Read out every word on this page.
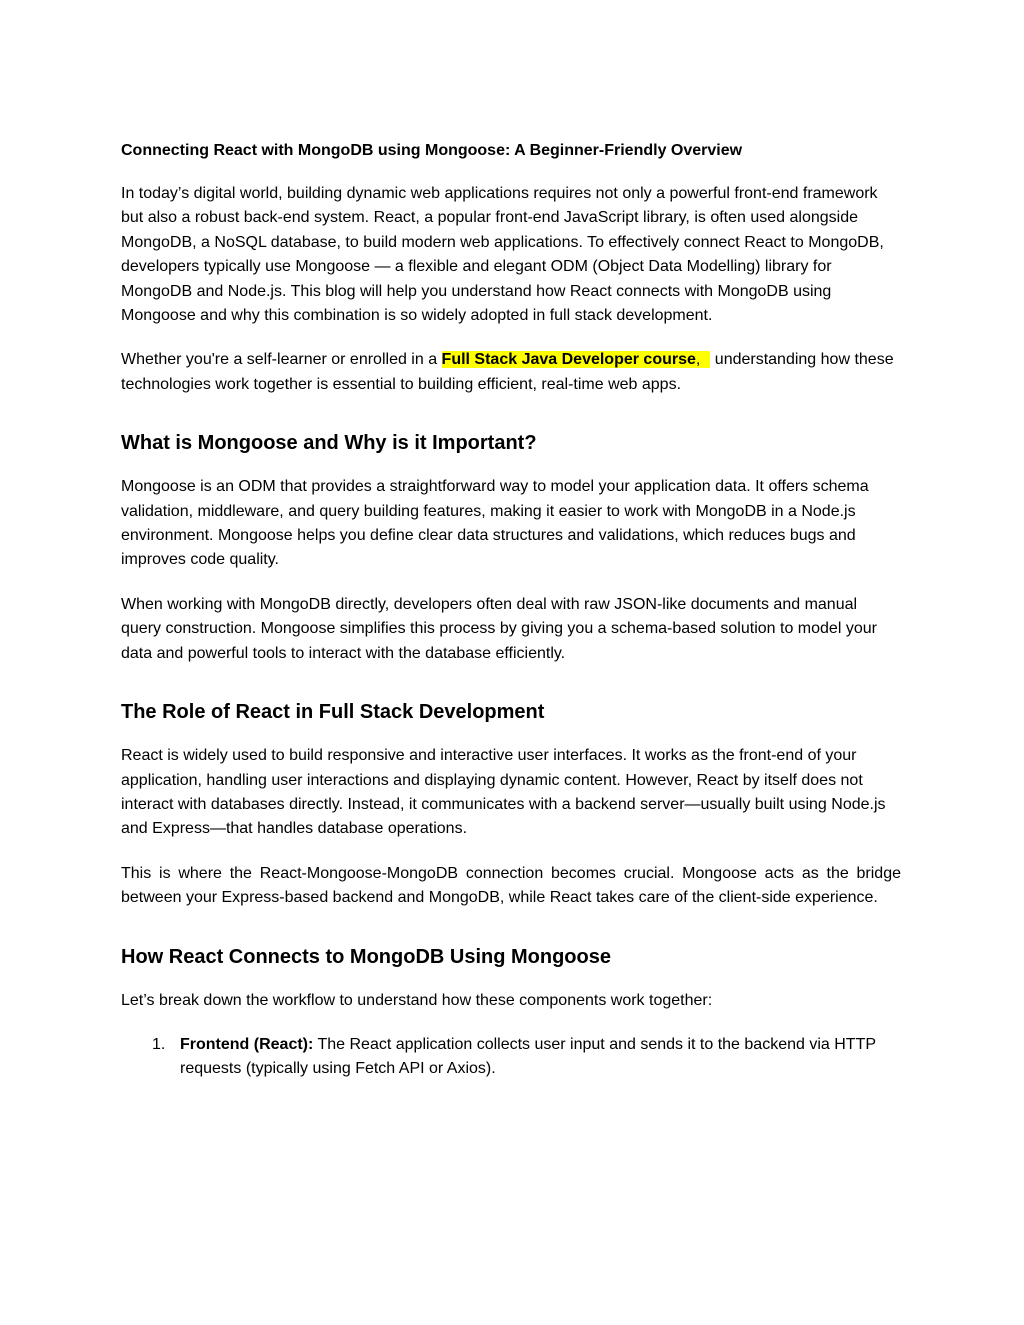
Connecting React with MongoDB using Mongoose: A Beginner-Friendly Overview

In today’s digital world, building dynamic web applications requires not only a powerful front-end framework but also a robust back-end system. React, a popular front-end JavaScript library, is often used alongside MongoDB, a NoSQL database, to build modern web applications. To effectively connect React to MongoDB, developers typically use Mongoose — a flexible and elegant ODM (Object Data Modelling) library for MongoDB and Node.js. This blog will help you understand how React connects with MongoDB using Mongoose and why this combination is so widely adopted in full stack development.

Whether you're a self-learner or enrolled in a Full Stack Java Developer course, understanding how these technologies work together is essential to building efficient, real-time web apps.

What is Mongoose and Why is it Important?

Mongoose is an ODM that provides a straightforward way to model your application data. It offers schema validation, middleware, and query building features, making it easier to work with MongoDB in a Node.js environment. Mongoose helps you define clear data structures and validations, which reduces bugs and improves code quality.

When working with MongoDB directly, developers often deal with raw JSON-like documents and manual query construction. Mongoose simplifies this process by giving you a schema-based solution to model your data and powerful tools to interact with the database efficiently.

The Role of React in Full Stack Development

React is widely used to build responsive and interactive user interfaces. It works as the front-end of your application, handling user interactions and displaying dynamic content. However, React by itself does not interact with databases directly. Instead, it communicates with a backend server—usually built using Node.js and Express—that handles database operations.

This is where the React-Mongoose-MongoDB connection becomes crucial. Mongoose acts as the bridge between your Express-based backend and MongoDB, while React takes care of the client-side experience.

How React Connects to MongoDB Using Mongoose

Let’s break down the workflow to understand how these components work together:

1. Frontend (React): The React application collects user input and sends it to the backend via HTTP requests (typically using Fetch API or Axios).
